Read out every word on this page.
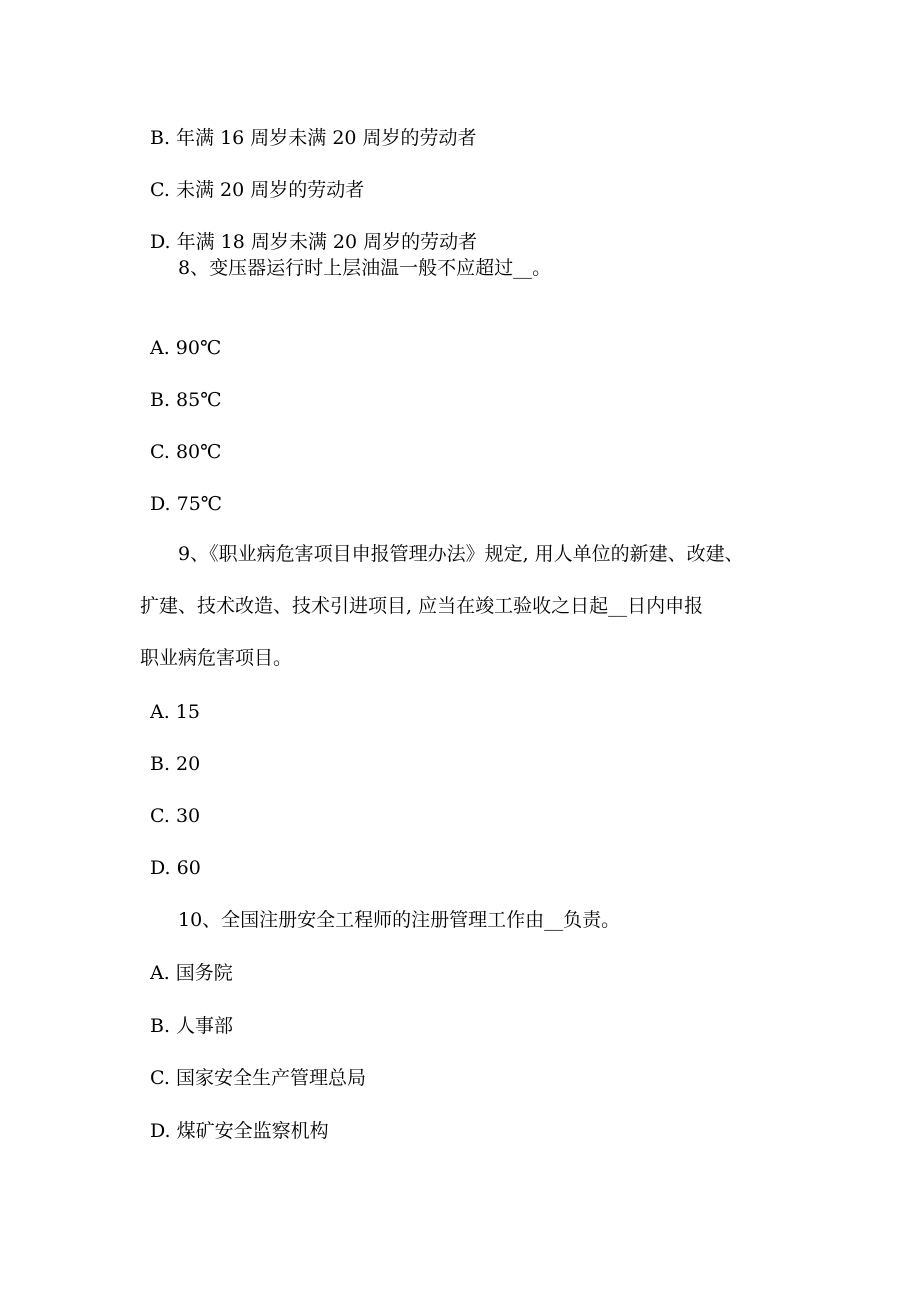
B. 年满 16 周岁未满 20 周岁的劳动者
C. 未满 20 周岁的劳动者
D. 年满 18 周岁未满 20 周岁的劳动者
8、变压器运行时上层油温一般不应超过__。
A. 90℃
B. 85℃
C. 80℃
D. 75℃
9、《职业病危害项目申报管理办法》规定, 用人单位的新建、改建、
扩建、技术改造、技术引进项目, 应当在竣工验收之日起__日内申报
职业病危害项目。
A. 15
B. 20
C. 30
D. 60
10、全国注册安全工程师的注册管理工作由__负责。
A. 国务院
B. 人事部
C. 国家安全生产管理总局
D. 煤矿安全监察机构
